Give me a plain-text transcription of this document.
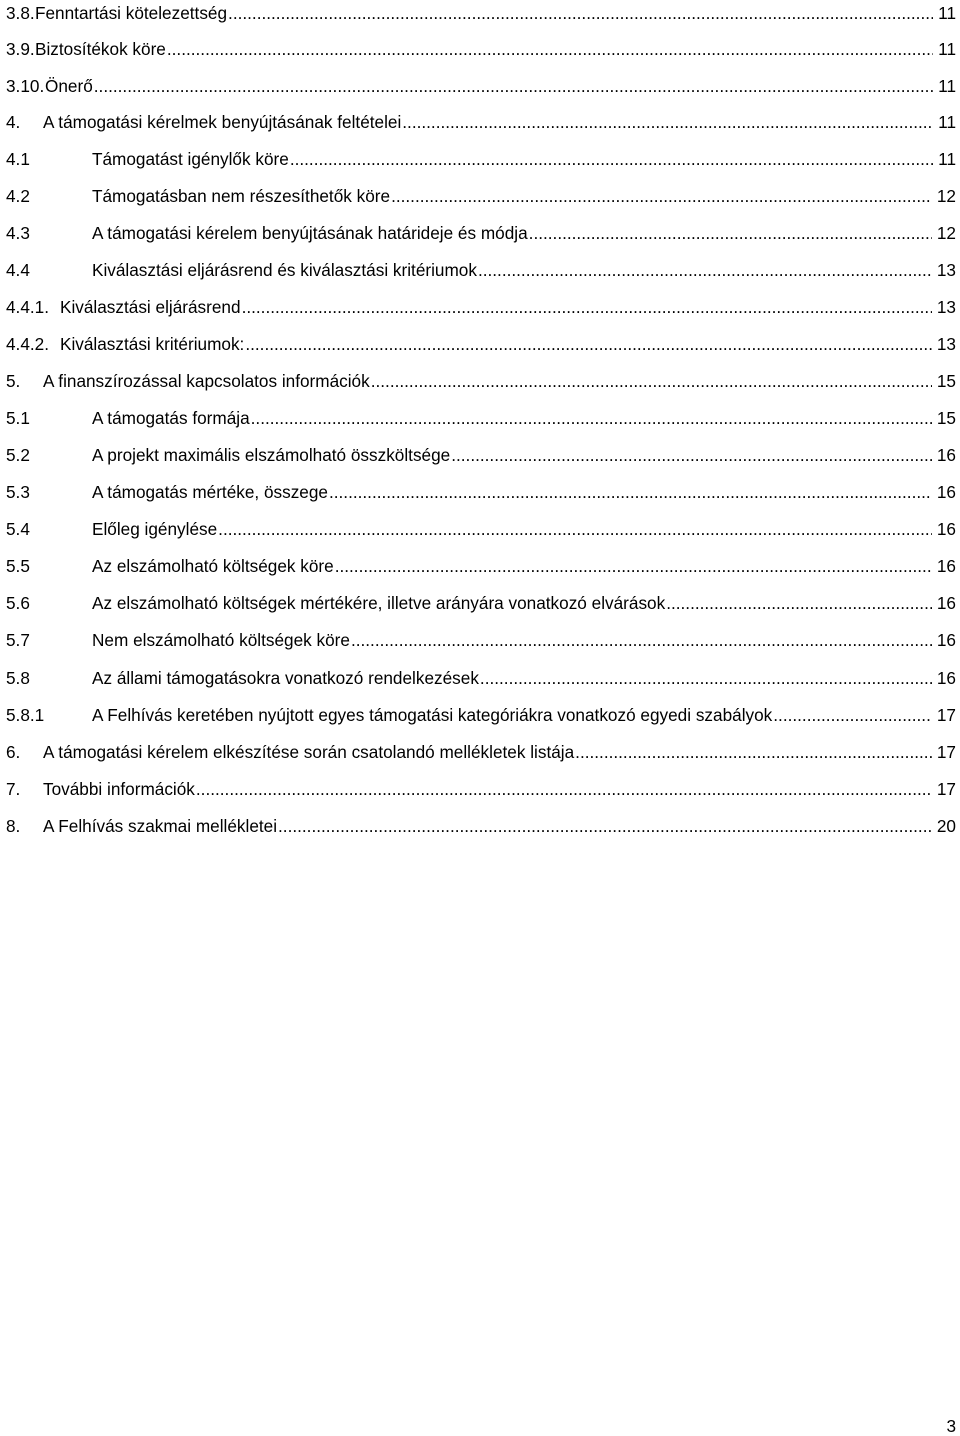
3.8. Fenntartási kötelezettség .....	11
3.9. Biztosítékok köre .....	11
3.10. Önerő .....	11
4. A támogatási kérelmek benyújtásának feltételei .....	11
4.1	Támogatást igénylők köre .....	11
4.2	Támogatásban nem részesíthetők köre .....	12
4.3	A támogatási kérelem benyújtásának határideje és módja .....	12
4.4	Kiválasztási eljárásrend és kiválasztási kritériumok .....	13
4.4.1. Kiválasztási eljárásrend .....	13
4.4.2. Kiválasztási kritériumok: .....	13
5. A finanszírozással kapcsolatos információk .....	15
5.1	A támogatás formája .....	15
5.2	A projekt maximális elszámolható összköltsége .....	16
5.3	A támogatás mértéke, összege .....	16
5.4	Előleg igénylése .....	16
5.5	Az elszámolható költségek köre .....	16
5.6	Az elszámolható költségek mértékére, illetve arányára vonatkozó elvárások .....	16
5.7	Nem elszámolható költségek köre .....	16
5.8	Az állami támogatásokra vonatkozó rendelkezések .....	16
5.8.1	A Felhívás keretében nyújtott egyes támogatási kategóriákra vonatkozó egyedi szabályok .....	17
6. A támogatási kérelem elkészítése során csatolandó mellékletek listája .....	17
7. További információk .....	17
8. A Felhívás szakmai mellékletei .....	20
3
